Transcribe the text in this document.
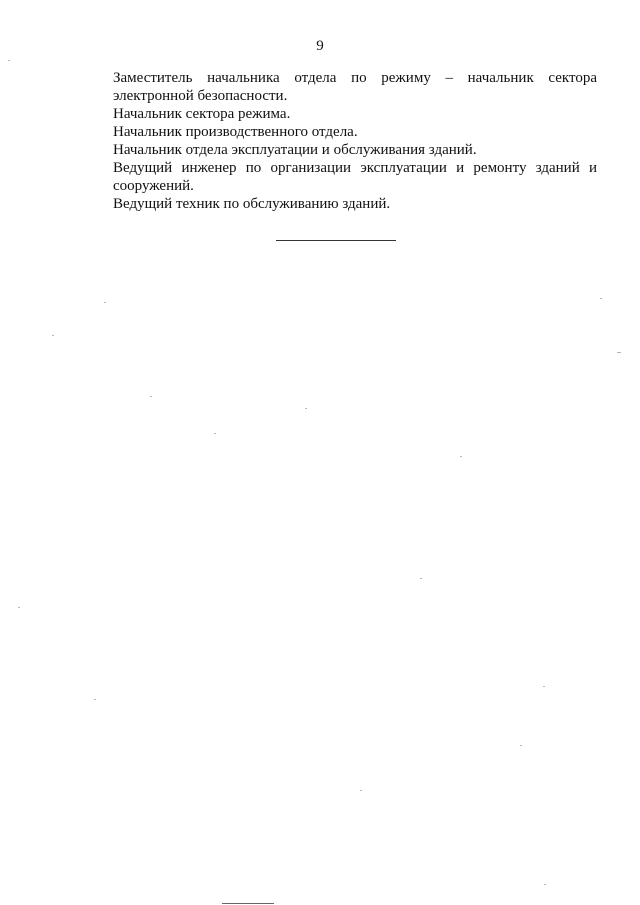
9

Заместитель начальника отдела по режиму – начальник сектора электронной безопасности.

Начальник сектора режима.

Начальник производственного отдела.

Начальник отдела эксплуатации и обслуживания зданий.

Ведущий инженер по организации эксплуатации и ремонту зданий и сооружений.

Ведущий техник по обслуживанию зданий.
